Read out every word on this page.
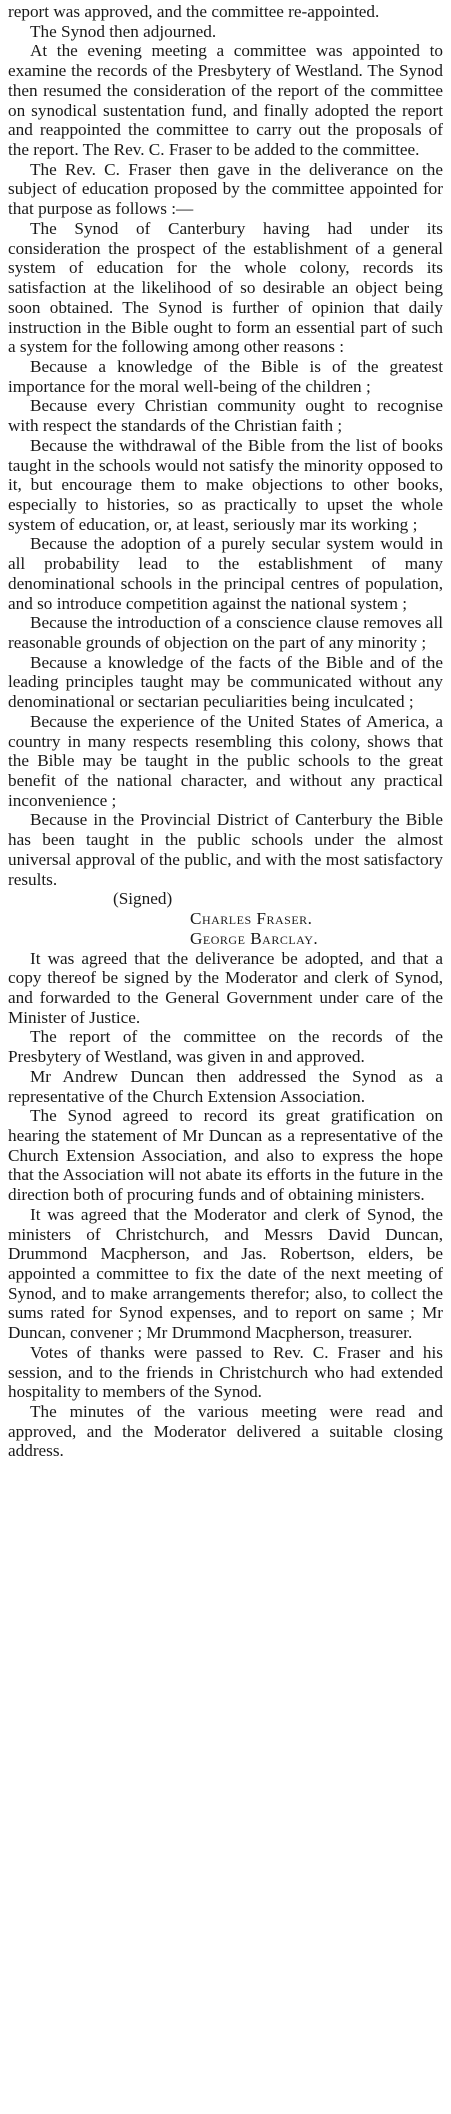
report was approved, and the committee re-appointed.

The Synod then adjourned.

At the evening meeting a committee was appointed to examine the records of the Presbytery of Westland. The Synod then resumed the consideration of the report of the committee on synodical sustentation fund, and finally adopted the report and reappointed the committee to carry out the proposals of the report. The Rev. C. Fraser to be added to the committee.

The Rev. C. Fraser then gave in the deliverance on the subject of education proposed by the committee appointed for that purpose as follows :—

The Synod of Canterbury having had under its consideration the prospect of the establishment of a general system of education for the whole colony, records its satisfaction at the likelihood of so desirable an object being soon obtained. The Synod is further of opinion that daily instruction in the Bible ought to form an essential part of such a system for the following among other reasons :

Because a knowledge of the Bible is of the greatest importance for the moral well-being of the children ;

Because every Christian community ought to recognise with respect the standards of the Christian faith ;

Because the withdrawal of the Bible from the list of books taught in the schools would not satisfy the minority opposed to it, but encourage them to make objections to other books, especially to histories, so as practically to upset the whole system of education, or, at least, seriously mar its working ;

Because the adoption of a purely secular system would in all probability lead to the establishment of many denominational schools in the principal centres of population, and so introduce competition against the national system ;

Because the introduction of a conscience clause removes all reasonable grounds of objection on the part of any minority ;

Because a knowledge of the facts of the Bible and of the leading principles taught may be communicated without any denominational or sectarian peculiarities being inculcated ;

Because the experience of the United States of America, a country in many respects resembling this colony, shows that the Bible may be taught in the public schools to the great benefit of the national character, and without any practical inconvenience ;

Because in the Provincial District of Canterbury the Bible has been taught in the public schools under the almost universal approval of the public, and with the most satisfactory results.

(Signed)

Charles Fraser.

George Barclay.

It was agreed that the deliverance be adopted, and that a copy thereof be signed by the Moderator and clerk of Synod, and forwarded to the General Government under care of the Minister of Justice.

The report of the committee on the records of the Presbytery of Westland, was given in and approved.

Mr Andrew Duncan then addressed the Synod as a representative of the Church Extension Association.

The Synod agreed to record its great gratification on hearing the statement of Mr Duncan as a representative of the Church Extension Association, and also to express the hope that the Association will not abate its efforts in the future in the direction both of procuring funds and of obtaining ministers.

It was agreed that the Moderator and clerk of Synod, the ministers of Christchurch, and Messrs David Duncan, Drummond Macpherson, and Jas. Robertson, elders, be appointed a committee to fix the date of the next meeting of Synod, and to make arrangements therefor; also, to collect the sums rated for Synod expenses, and to report on same ; Mr Duncan, convener ; Mr Drummond Macpherson, treasurer.

Votes of thanks were passed to Rev. C. Fraser and his session, and to the friends in Christchurch who had extended hospitality to members of the Synod.

The minutes of the various meeting were read and approved, and the Moderator delivered a suitable closing address.
